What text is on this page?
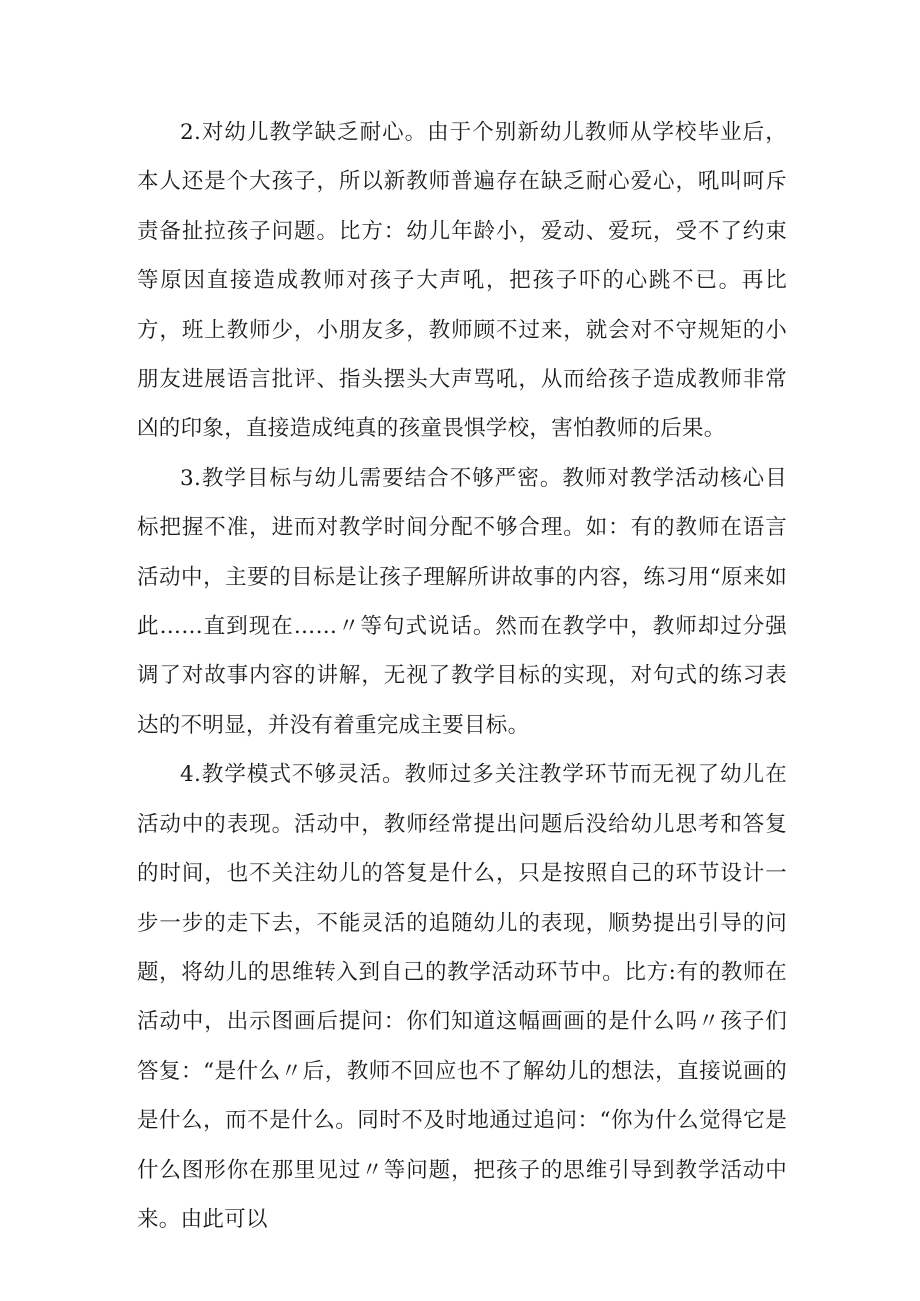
2.对幼儿教学缺乏耐心。由于个别新幼儿教师从学校毕业后，本人还是个大孩子，所以新教师普遍存在缺乏耐心爱心，吼叫呵斥责备扯拉孩子问题。比方：幼儿年龄小，爱动、爱玩，受不了约束等原因直接造成教师对孩子大声吼，把孩子吓的心跳不已。再比方，班上教师少，小朋友多，教师顾不过来，就会对不守规矩的小朋友进展语言批评、指头摆头大声骂吼，从而给孩子造成教师非常凶的印象，直接造成纯真的孩童畏惧学校，害怕教师的后果。

3.教学目标与幼儿需要结合不够严密。教师对教学活动核心目标把握不准，进而对教学时间分配不够合理。如：有的教师在语言活动中，主要的目标是让孩子理解所讲故事的内容，练习用“原来如此……直到现在……〃等句式说话。然而在教学中，教师却过分强调了对故事内容的讲解，无视了教学目标的实现，对句式的练习表达的不明显，并没有着重完成主要目标。

4.教学模式不够灵活。教师过多关注教学环节而无视了幼儿在活动中的表现。活动中，教师经常提出问题后没给幼儿思考和答复的时间，也不关注幼儿的答复是什么，只是按照自己的环节设计一步一步的走下去，不能灵活的追随幼儿的表现，顺势提出引导的问题，将幼儿的思维转入到自己的教学活动环节中。比方:有的教师在活动中，出示图画后提问：你们知道这幅画画的是什么吗〃孩子们答复：“是什么〃后，教师不回应也不了解幼儿的想法，直接说画的是什么，而不是什么。同时不及时地通过追问：“你为什么觉得它是什么图形你在那里见过〃等问题，把孩子的思维引导到教学活动中来。由此可以
